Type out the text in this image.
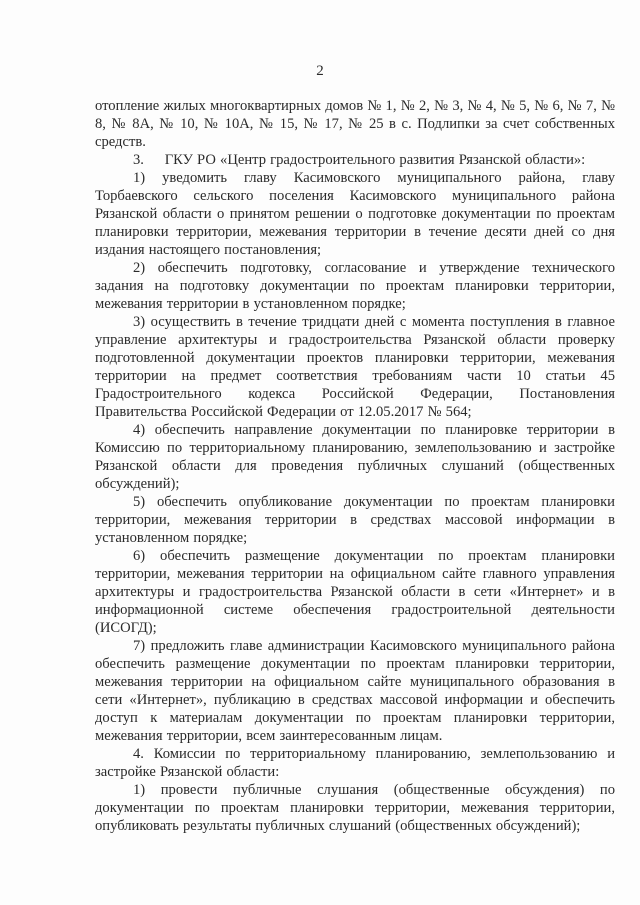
2

отопление жилых многоквартирных домов № 1, № 2, № 3, № 4, № 5, № 6, № 7, № 8, № 8А, № 10, № 10А, № 15, № 17, № 25 в с. Подлипки за счет собственных средств.

3.     ГКУ РО «Центр градостроительного развития Рязанской области»:

1) уведомить главу Касимовского муниципального района, главу Торбаевского сельского поселения Касимовского муниципального района Рязанской области о принятом решении о подготовке документации по проектам планировки территории, межевания территории в течение десяти дней со дня издания настоящего постановления;

2) обеспечить подготовку, согласование и утверждение технического задания на подготовку документации по проектам планировки территории, межевания территории в установленном порядке;

3) осуществить в течение тридцати дней с момента поступления в главное управление архитектуры и градостроительства Рязанской области проверку подготовленной документации проектов планировки территории, межевания территории на предмет соответствия требованиям части 10 статьи 45 Градостроительного кодекса Российской Федерации, Постановления Правительства Российской Федерации от 12.05.2017 № 564;

4) обеспечить направление документации по планировке территории в Комиссию по территориальному планированию, землепользованию и застройке Рязанской области для проведения публичных слушаний (общественных обсуждений);

5) обеспечить опубликование документации по проектам планировки территории, межевания территории в средствах массовой информации в установленном порядке;

6) обеспечить размещение документации по проектам планировки территории, межевания территории на официальном сайте главного управления архитектуры и градостроительства Рязанской области в сети «Интернет» и в информационной системе обеспечения градостроительной деятельности (ИСОГД);

7) предложить главе администрации Касимовского муниципального района обеспечить размещение документации по проектам планировки территории, межевания территории на официальном сайте муниципального образования в сети «Интернет», публикацию в средствах массовой информации и обеспечить доступ к материалам документации по проектам планировки территории, межевания территории, всем заинтересованным лицам.

4. Комиссии по территориальному планированию, землепользованию и застройке Рязанской области:

1) провести публичные слушания (общественные обсуждения) по документации по проектам планировки территории, межевания территории, опубликовать результаты публичных слушаний (общественных обсуждений);
